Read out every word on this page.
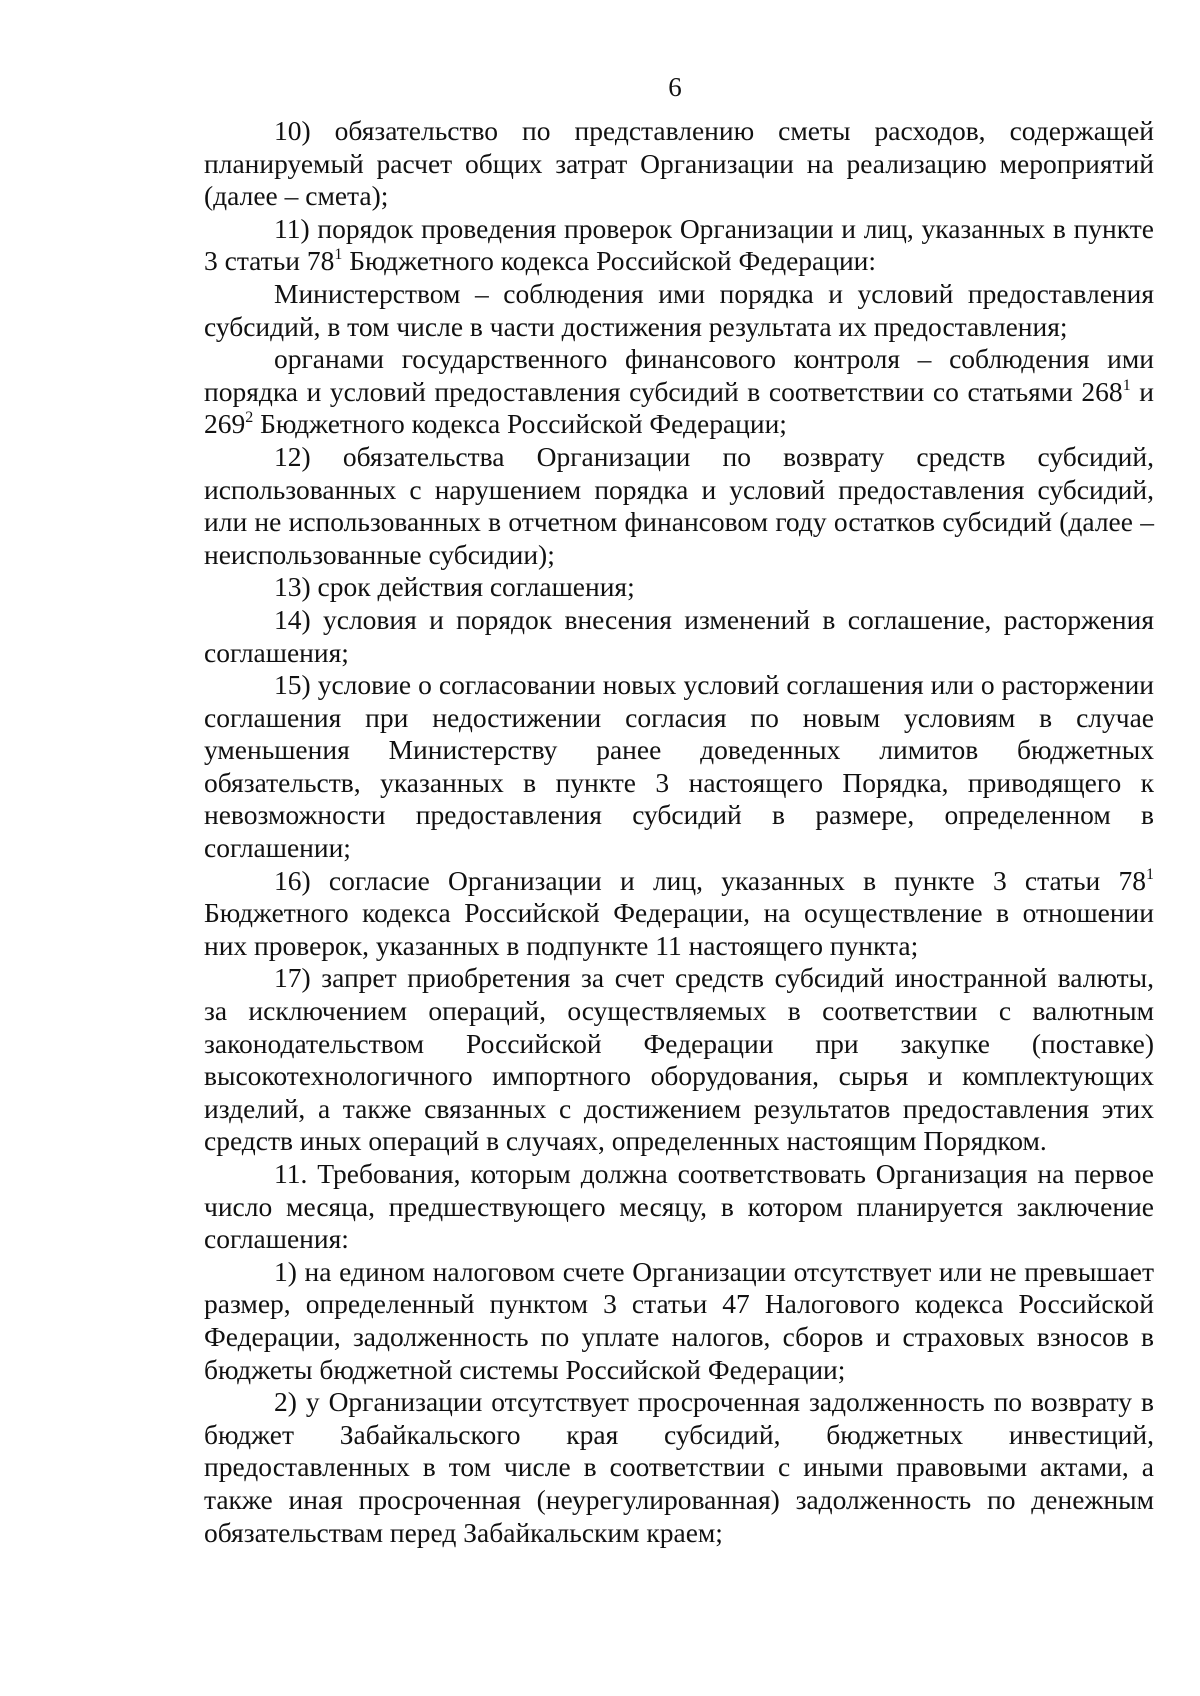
6

10) обязательство по представлению сметы расходов, содержащей планируемый расчет общих затрат Организации на реализацию мероприятий (далее – смета);

11) порядок проведения проверок Организации и лиц, указанных в пункте 3 статьи $78^1$ Бюджетного кодекса Российской Федерации:

Министерством – соблюдения ими порядка и условий предоставления субсидий, в том числе в части достижения результата их предоставления;

органами государственного финансового контроля – соблюдения ими порядка и условий предоставления субсидий в соответствии со статьями $268^1$ и $269^2$ Бюджетного кодекса Российской Федерации;

12) обязательства Организации по возврату средств субсидий, использованных с нарушением порядка и условий предоставления субсидий, или не использованных в отчетном финансовом году остатков субсидий (далее – неиспользованные субсидии);

13) срок действия соглашения;

14) условия и порядок внесения изменений в соглашение, расторжения соглашения;

15) условие о согласовании новых условий соглашения или о расторжении соглашения при недостижении согласия по новым условиям в случае уменьшения Министерству ранее доведенных лимитов бюджетных обязательств, указанных в пункте 3 настоящего Порядка, приводящего к невозможности предоставления субсидий в размере, определенном в соглашении;

16) согласие Организации и лиц, указанных в пункте 3 статьи $78^1$ Бюджетного кодекса Российской Федерации, на осуществление в отношении них проверок, указанных в подпункте 11 настоящего пункта;

17) запрет приобретения за счет средств субсидий иностранной валюты, за исключением операций, осуществляемых в соответствии с валютным законодательством Российской Федерации при закупке (поставке) высокотехнологичного импортного оборудования, сырья и комплектующих изделий, а также связанных с достижением результатов предоставления этих средств иных операций в случаях, определенных настоящим Порядком.

11. Требования, которым должна соответствовать Организация на первое число месяца, предшествующего месяцу, в котором планируется заключение соглашения:

1) на едином налоговом счете Организации отсутствует или не превышает размер, определенный пунктом 3 статьи 47 Налогового кодекса Российской Федерации, задолженность по уплате налогов, сборов и страховых взносов в бюджеты бюджетной системы Российской Федерации;

2) у Организации отсутствует просроченная задолженность по возврату в бюджет Забайкальского края субсидий, бюджетных инвестиций, предоставленных в том числе в соответствии с иными правовыми актами, а также иная просроченная (неурегулированная) задолженность по денежным обязательствам перед Забайкальским краем;
